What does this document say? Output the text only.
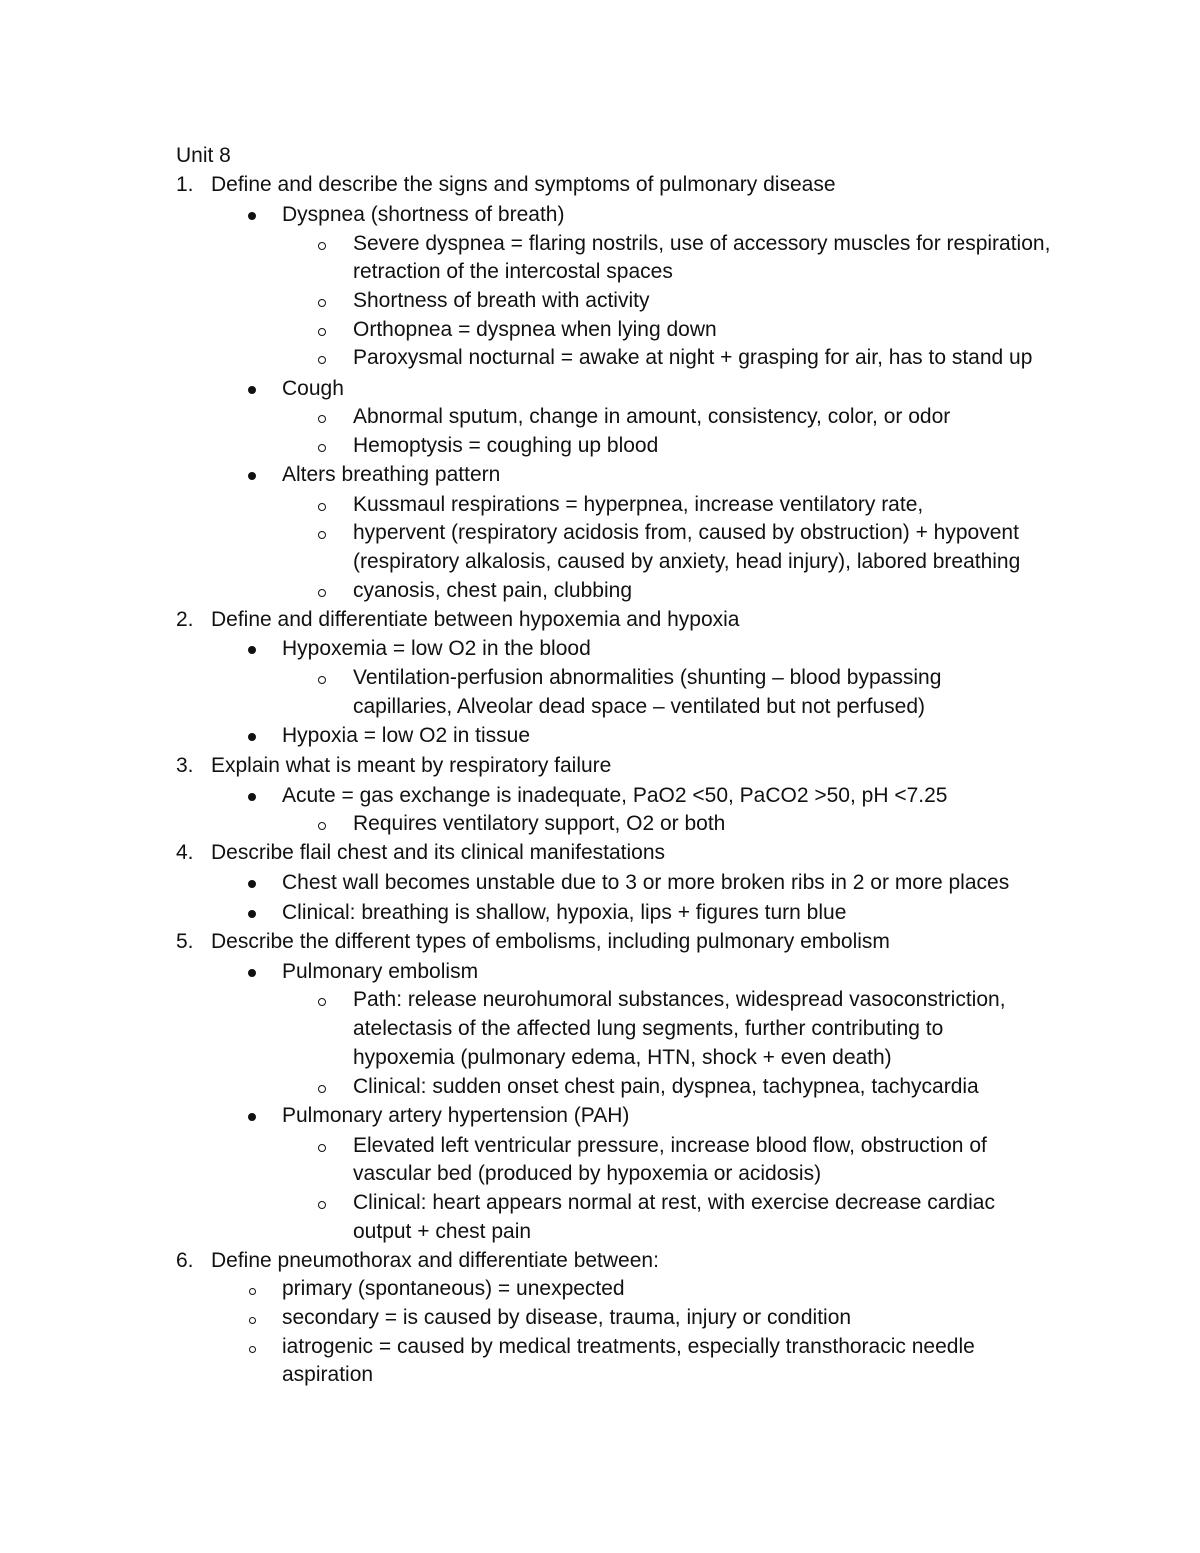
Unit 8
1. Define and describe the signs and symptoms of pulmonary disease
Dyspnea (shortness of breath)
Severe dyspnea = flaring nostrils, use of accessory muscles for respiration,
retraction of the intercostal spaces
Shortness of breath with activity
Orthopnea = dyspnea when lying down
Paroxysmal nocturnal = awake at night + grasping for air, has to stand up
Cough
Abnormal sputum, change in amount, consistency, color, or odor
Hemoptysis = coughing up blood
Alters breathing pattern
Kussmaul respirations = hyperpnea, increase ventilatory rate,
hypervent (respiratory acidosis from, caused by obstruction) + hypovent
(respiratory alkalosis, caused by anxiety, head injury), labored breathing
cyanosis, chest pain, clubbing
2. Define and differentiate between hypoxemia and hypoxia
Hypoxemia = low O2 in the blood
Ventilation-perfusion abnormalities (shunting – blood bypassing
capillaries, Alveolar dead space – ventilated but not perfused)
Hypoxia = low O2 in tissue
3. Explain what is meant by respiratory failure
Acute = gas exchange is inadequate, PaO2 <50, PaCO2 >50, pH <7.25
Requires ventilatory support, O2 or both
4. Describe flail chest and its clinical manifestations
Chest wall becomes unstable due to 3 or more broken ribs in 2 or more places
Clinical: breathing is shallow, hypoxia, lips + figures turn blue
5. Describe the different types of embolisms, including pulmonary embolism
Pulmonary embolism
Path: release neurohumoral substances, widespread vasoconstriction,
atelectasis of the affected lung segments, further contributing to
hypoxemia (pulmonary edema, HTN, shock + even death)
Clinical: sudden onset chest pain, dyspnea, tachypnea, tachycardia
Pulmonary artery hypertension (PAH)
Elevated left ventricular pressure, increase blood flow, obstruction of
vascular bed (produced by hypoxemia or acidosis)
Clinical: heart appears normal at rest, with exercise decrease cardiac
output + chest pain
6. Define pneumothorax and differentiate between:
primary (spontaneous) = unexpected
secondary = is caused by disease, trauma, injury or condition
iatrogenic = caused by medical treatments, especially transthoracic needle
aspiration
